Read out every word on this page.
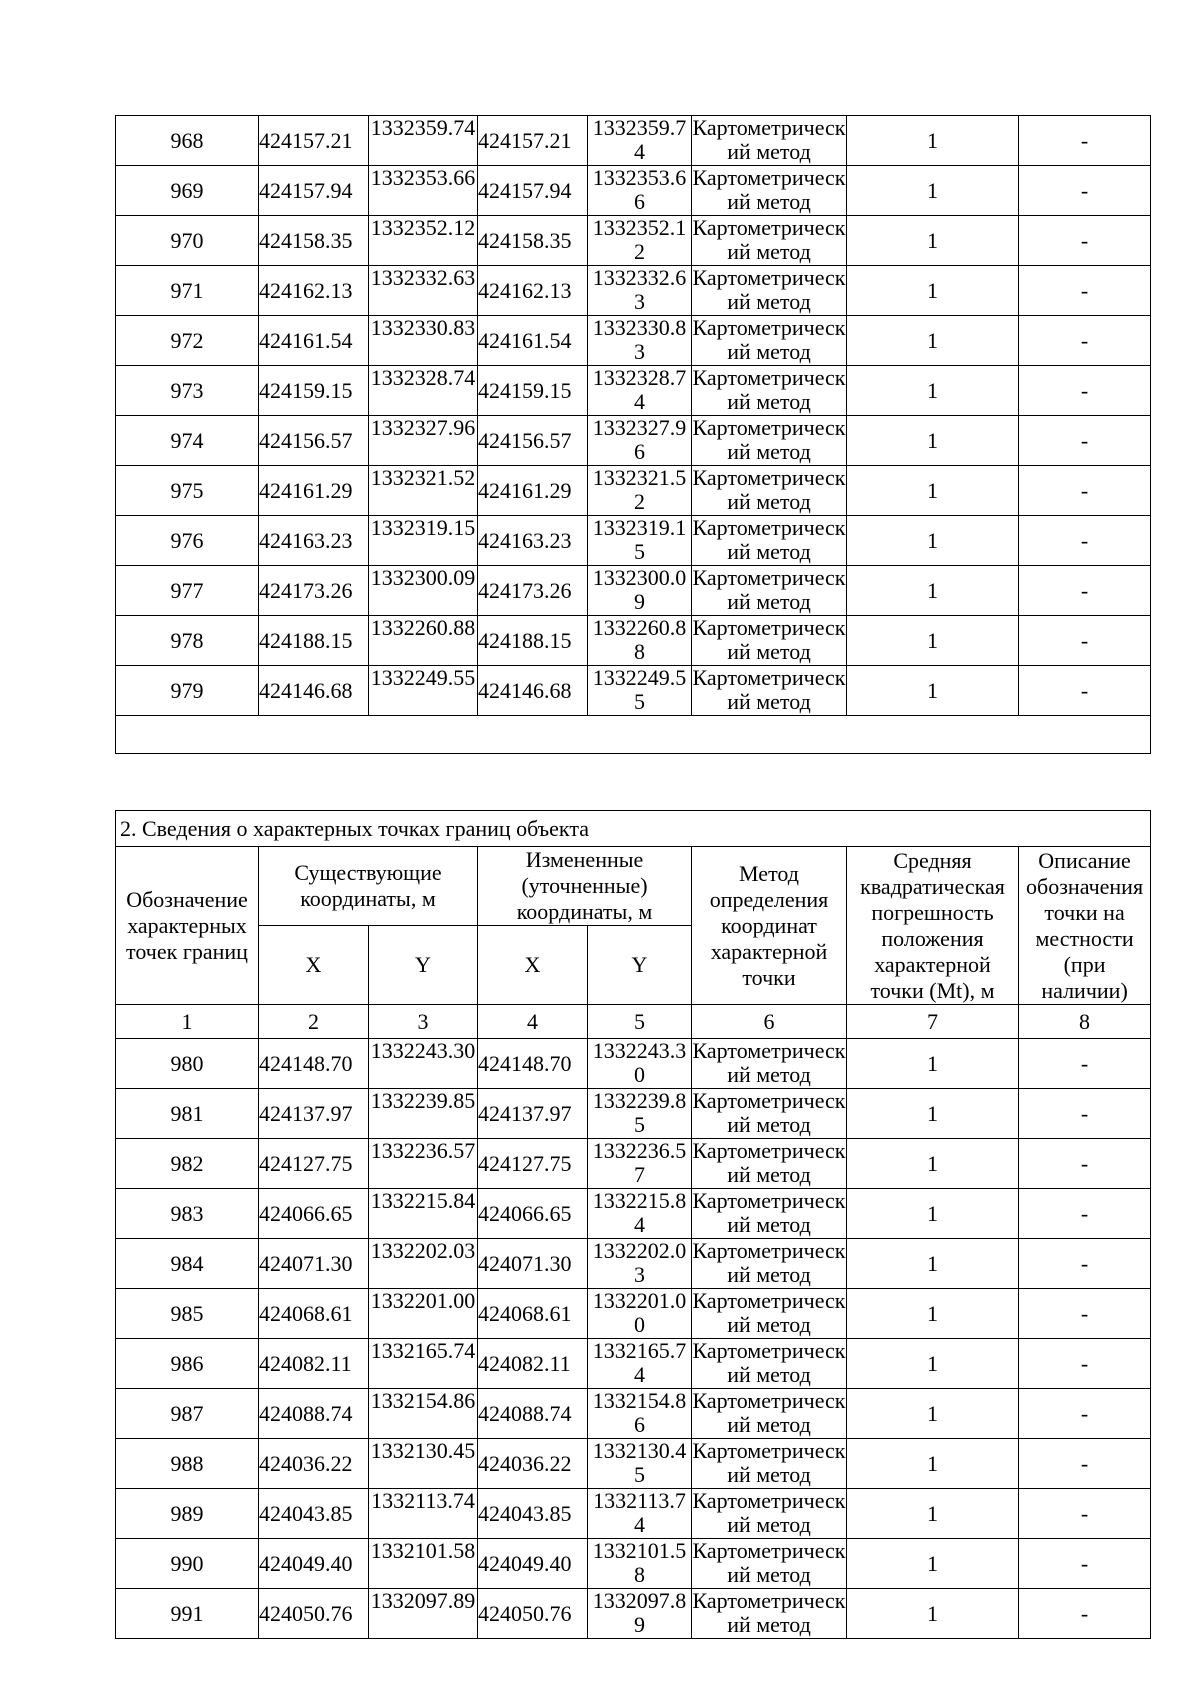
968	424157.21	1332359.74	424157.21	1332359.74	Картометрический метод	1	-
969	424157.94	1332353.66	424157.94	1332353.66	Картометрический метод	1	-
970	424158.35	1332352.12	424158.35	1332352.12	Картометрический метод	1	-
971	424162.13	1332332.63	424162.13	1332332.63	Картометрический метод	1	-
972	424161.54	1332330.83	424161.54	1332330.83	Картометрический метод	1	-
973	424159.15	1332328.74	424159.15	1332328.74	Картометрический метод	1	-
974	424156.57	1332327.96	424156.57	1332327.96	Картометрический метод	1	-
975	424161.29	1332321.52	424161.29	1332321.52	Картометрический метод	1	-
976	424163.23	1332319.15	424163.23	1332319.15	Картометрический метод	1	-
977	424173.26	1332300.09	424173.26	1332300.09	Картометрический метод	1	-
978	424188.15	1332260.88	424188.15	1332260.88	Картометрический метод	1	-
979	424146.68	1332249.55	424146.68	1332249.55	Картометрический метод	1	-

2. Сведения о характерных точках границ объекта							
Обозначение характерных точек границ	Существующие координаты, м		Измененные (уточненные) координаты, м		Метод определения координат характерной точки	Средняя квадратическая погрешность положения характерной точки (Mt), м	Описание обозначения точки на местности (при наличии)
	X	Y	X	Y			
1	2	3	4	5	6	7	8
980	424148.70	1332243.30	424148.70	1332243.30	Картометрический метод	1	-
981	424137.97	1332239.85	424137.97	1332239.85	Картометрический метод	1	-
982	424127.75	1332236.57	424127.75	1332236.57	Картометрический метод	1	-
983	424066.65	1332215.84	424066.65	1332215.84	Картометрический метод	1	-
984	424071.30	1332202.03	424071.30	1332202.03	Картометрический метод	1	-
985	424068.61	1332201.00	424068.61	1332201.00	Картометрический метод	1	-
986	424082.11	1332165.74	424082.11	1332165.74	Картометрический метод	1	-
987	424088.74	1332154.86	424088.74	1332154.86	Картометрический метод	1	-
988	424036.22	1332130.45	424036.22	1332130.45	Картометрический метод	1	-
989	424043.85	1332113.74	424043.85	1332113.74	Картометрический метод	1	-
990	424049.40	1332101.58	424049.40	1332101.58	Картометрический метод	1	-
991	424050.76	1332097.89	424050.76	1332097.89	Картометрический метод	1	-
